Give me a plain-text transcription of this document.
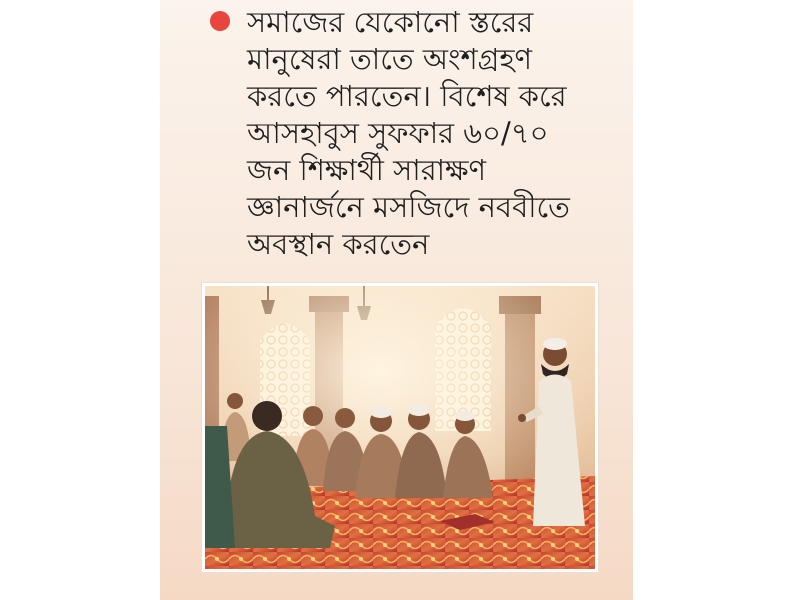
সমাজের যেকোনো স্তরের
মানুষেরা তাতে অংশগ্রহণ
করতে পারতেন। বিশেষ করে
আসহাবুস সুফফার ৬০/৭০
জন শিক্ষার্থী সারাক্ষণ
জ্ঞানার্জনে মসজিদে নববীতে
অবস্থান করতেন
